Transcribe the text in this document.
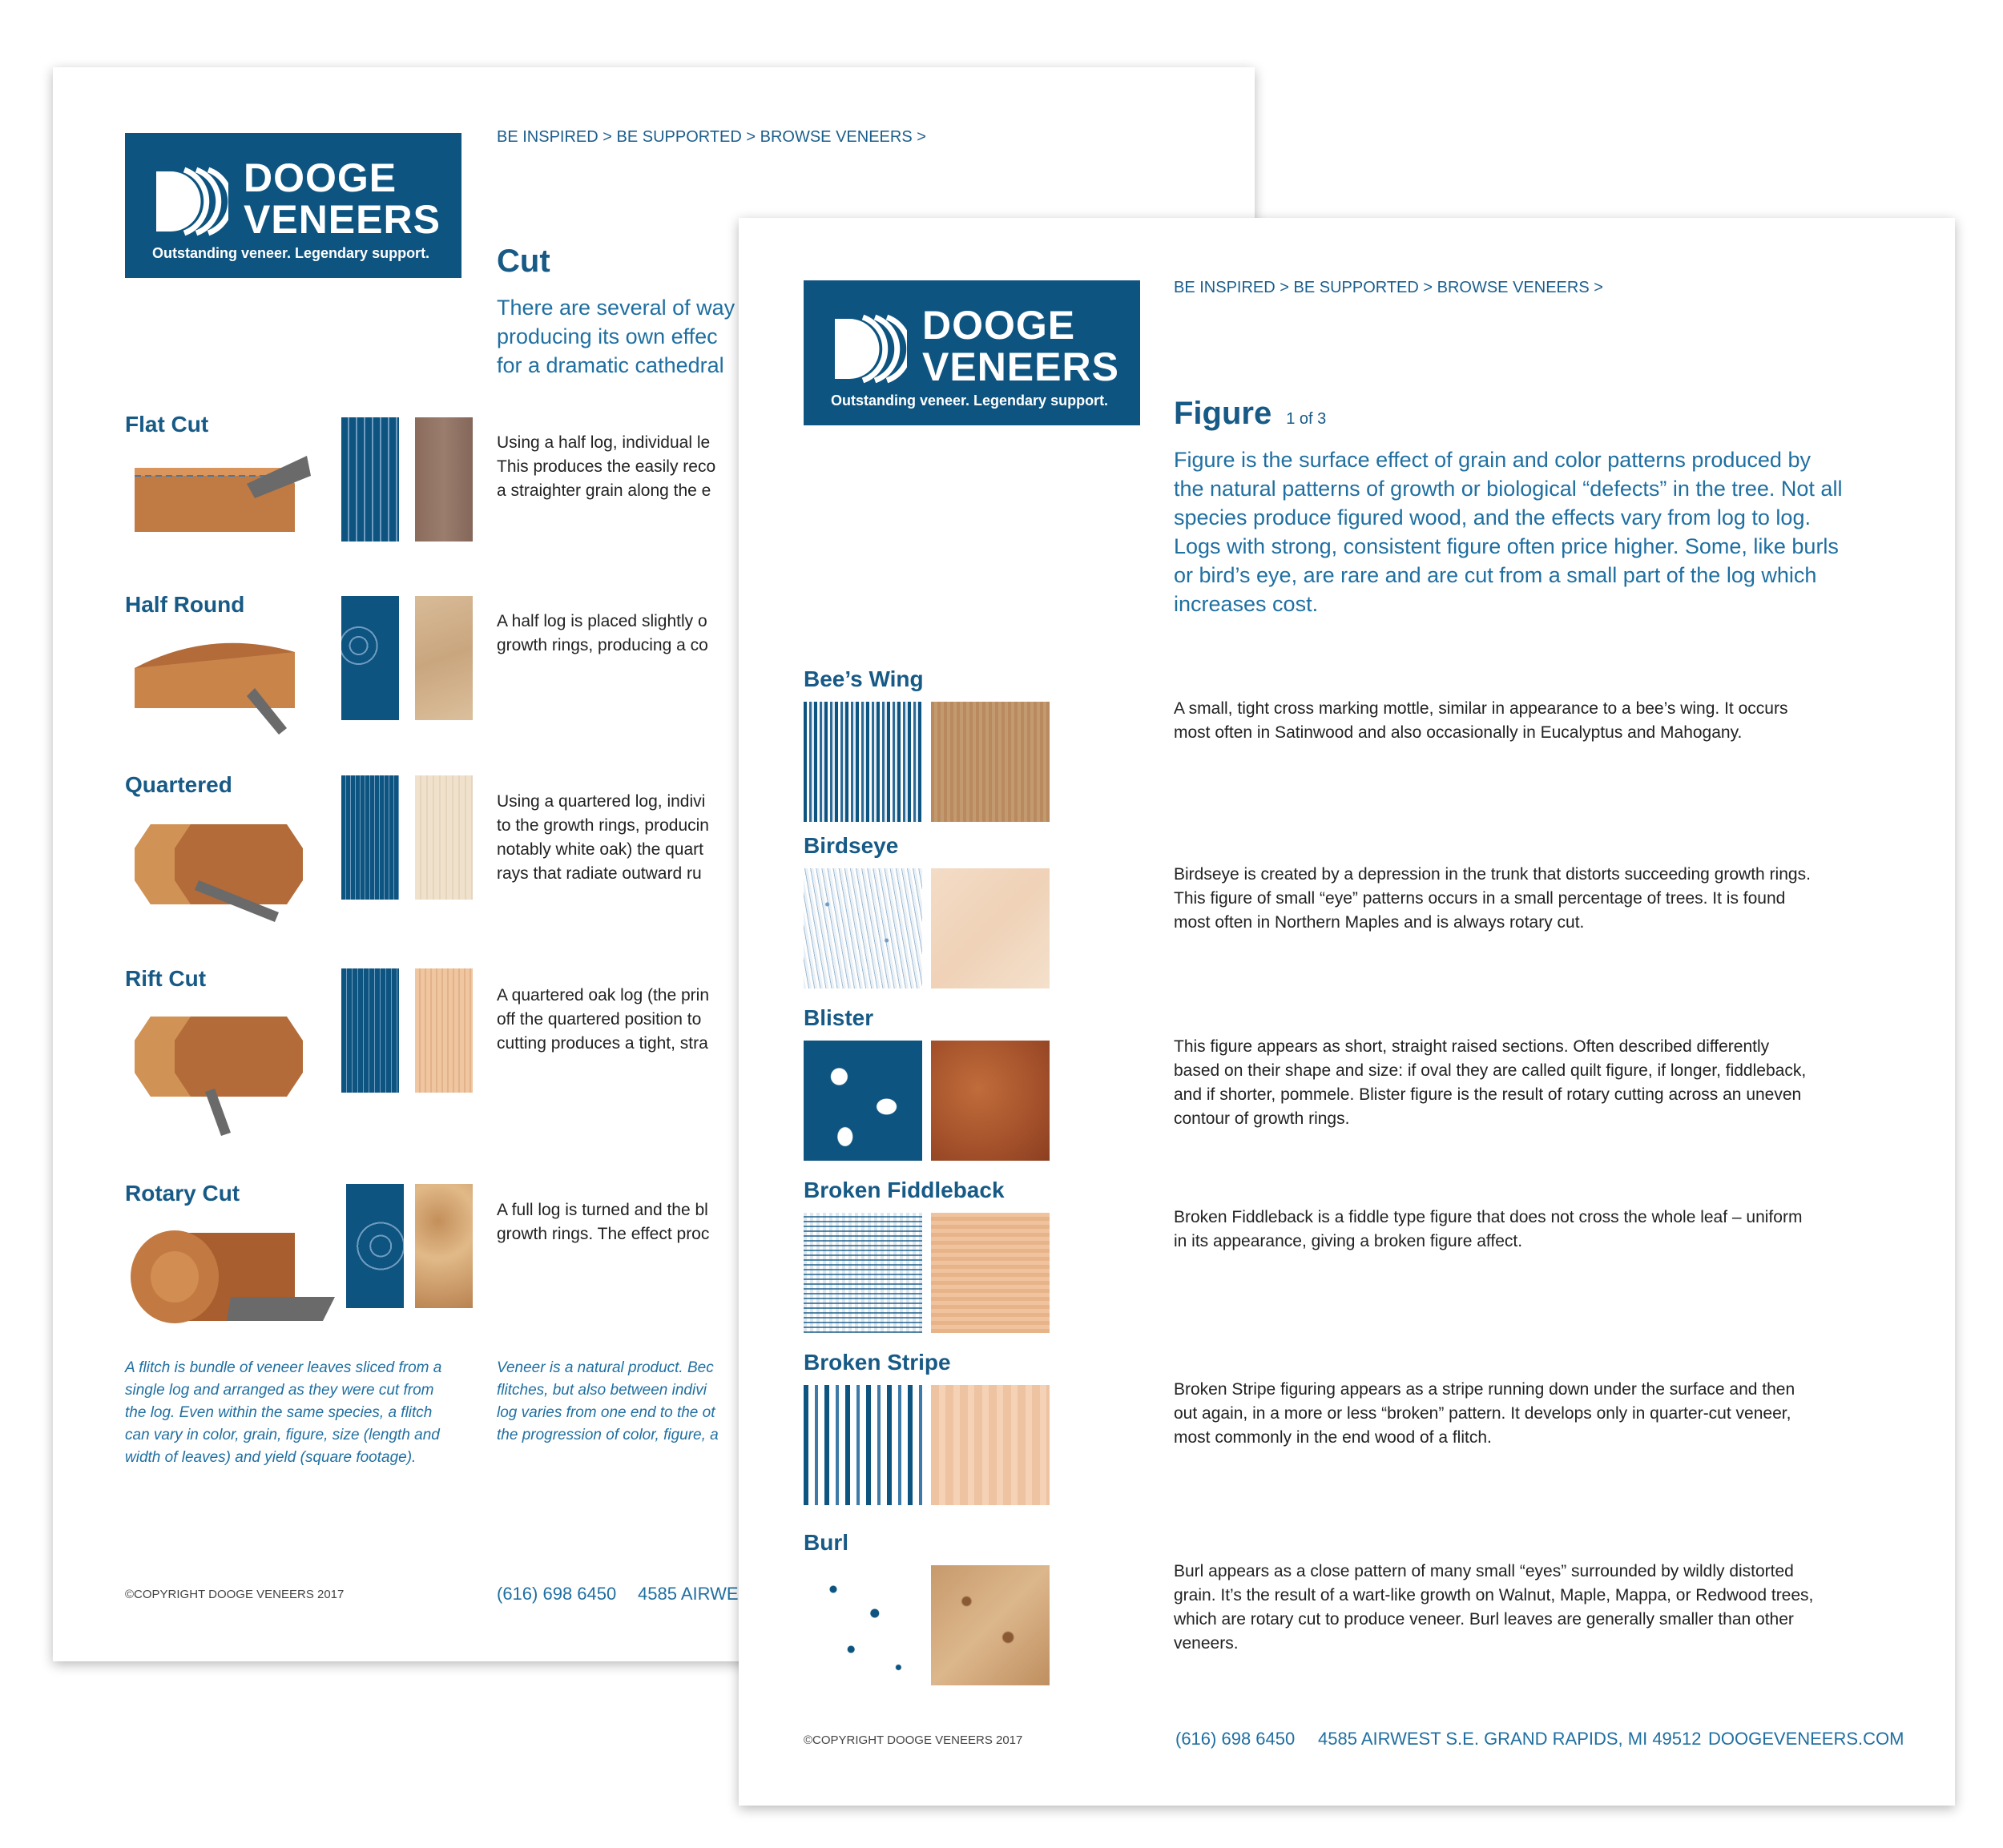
DOOGE
VENEERS
Outstanding veneer. Legendary support.
BE INSPIRED > BE SUPPORTED > BROWSE VENEERS >
Cut
There are several of way
producing its own effec
for a dramatic cathedral
Flat Cut
Using a half log, individual le
This produces the easily reco
a straighter grain along the e
Half Round
A half log is placed slightly o
growth rings, producing a co
Quartered
Using a quartered log, indivi
to the growth rings, producin
notably white oak) the quart
rays that radiate outward ru
Rift Cut
A quartered oak log (the prin
off the quartered position to
cutting produces a tight, stra
Rotary Cut
A full log is turned and the bl
growth rings. The effect proc
A flitch is bundle of veneer leaves sliced from a
single log and arranged as they were cut from
the log. Even within the same species, a flitch
can vary in color, grain, figure, size (length and
width of leaves) and yield (square footage).
Veneer is a natural product. Bec
flitches, but also between indivi
log varies from one end to the ot
the progression of color, figure, a
©COPYRIGHT DOOGE VENEERS 2017	(616) 698 6450 4585 AIRWE
DOOGE
VENEERS
Outstanding veneer. Legendary support.
BE INSPIRED > BE SUPPORTED > BROWSE VENEERS >
Figure 1 of 3
Figure is the surface effect of grain and color patterns produced by
the natural patterns of growth or biological “defects” in the tree. Not all
species produce figured wood, and the effects vary from log to log.
Logs with strong, consistent figure often price higher. Some, like burls
or bird’s eye, are rare and are cut from a small part of the log which
increases cost.
Bee’s Wing
A small, tight cross marking mottle, similar in appearance to a bee’s wing. It occurs
most often in Satinwood and also occasionally in Eucalyptus and Mahogany.
Birdseye
Birdseye is created by a depression in the trunk that distorts succeeding growth rings.
This figure of small “eye” patterns occurs in a small percentage of trees. It is found
most often in Northern Maples and is always rotary cut.
Blister
This figure appears as short, straight raised sections. Often described differently
based on their shape and size: if oval they are called quilt figure, if longer, fiddleback,
and if shorter, pommele. Blister figure is the result of rotary cutting across an uneven
contour of growth rings.
Broken Fiddleback
Broken Fiddleback is a fiddle type figure that does not cross the whole leaf – uniform
in its appearance, giving a broken figure affect.
Broken Stripe
Broken Stripe figuring appears as a stripe running down under the surface and then
out again, in a more or less “broken” pattern. It develops only in quarter-cut veneer,
most commonly in the end wood of a flitch.
Burl
Burl appears as a close pattern of many small “eyes” surrounded by wildly distorted
grain. It’s the result of a wart-like growth on Walnut, Maple, Mappa, or Redwood trees,
which are rotary cut to produce veneer. Burl leaves are generally smaller than other
veneers.
©COPYRIGHT DOOGE VENEERS 2017	(616) 698 6450 4585 AIRWEST S.E. GRAND RAPIDS, MI 49512 DOOGEVENEERS.COM
